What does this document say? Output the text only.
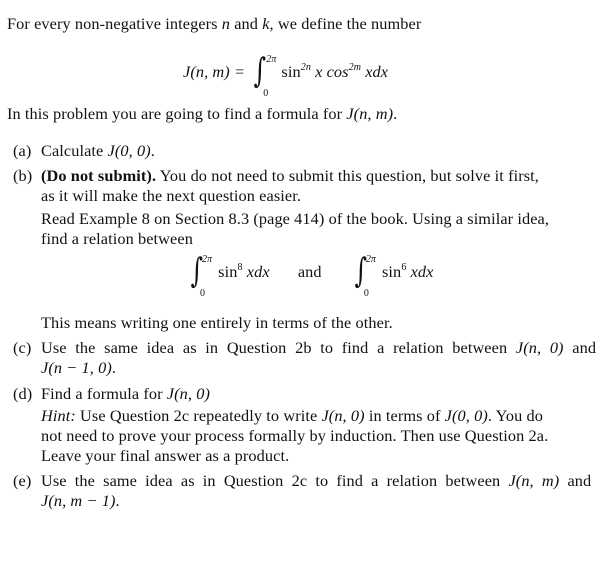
For every non-negative integers n and k, we define the number
J(n, m) = ∫ 2π
0
$\sin^{2n} x$ $\cos^{2m}$ xdx
In this problem you are going to find a formula for J(n, m).
(a) Calculate J(0, 0).
(b) (Do not submit). You do not need to submit this question, but solve it first,
as it will make the next question easier.
Read Example 8 on Section 8.3 (page 414) of the book. Using a similar idea,
find a relation between
∫
2π
0
$\sin^8$ xdx and ∫
2π
0
$\sin^6$ xdx
This means writing one entirely in terms of the other.
(c) Use the same idea as in Question 2b to find a relation between J(n, 0) and
J(n − 1, 0).
(d) Find a formula for J(n, 0)
Hint: Use Question 2c repeatedly to write J(n, 0) in terms of J(0, 0). You do
not need to prove your process formally by induction. Then use Question 2a.
Leave your final answer as a product.
(e) Use the same idea as in Question 2c to find a relation between J(n, m) and
J(n, m − 1).
